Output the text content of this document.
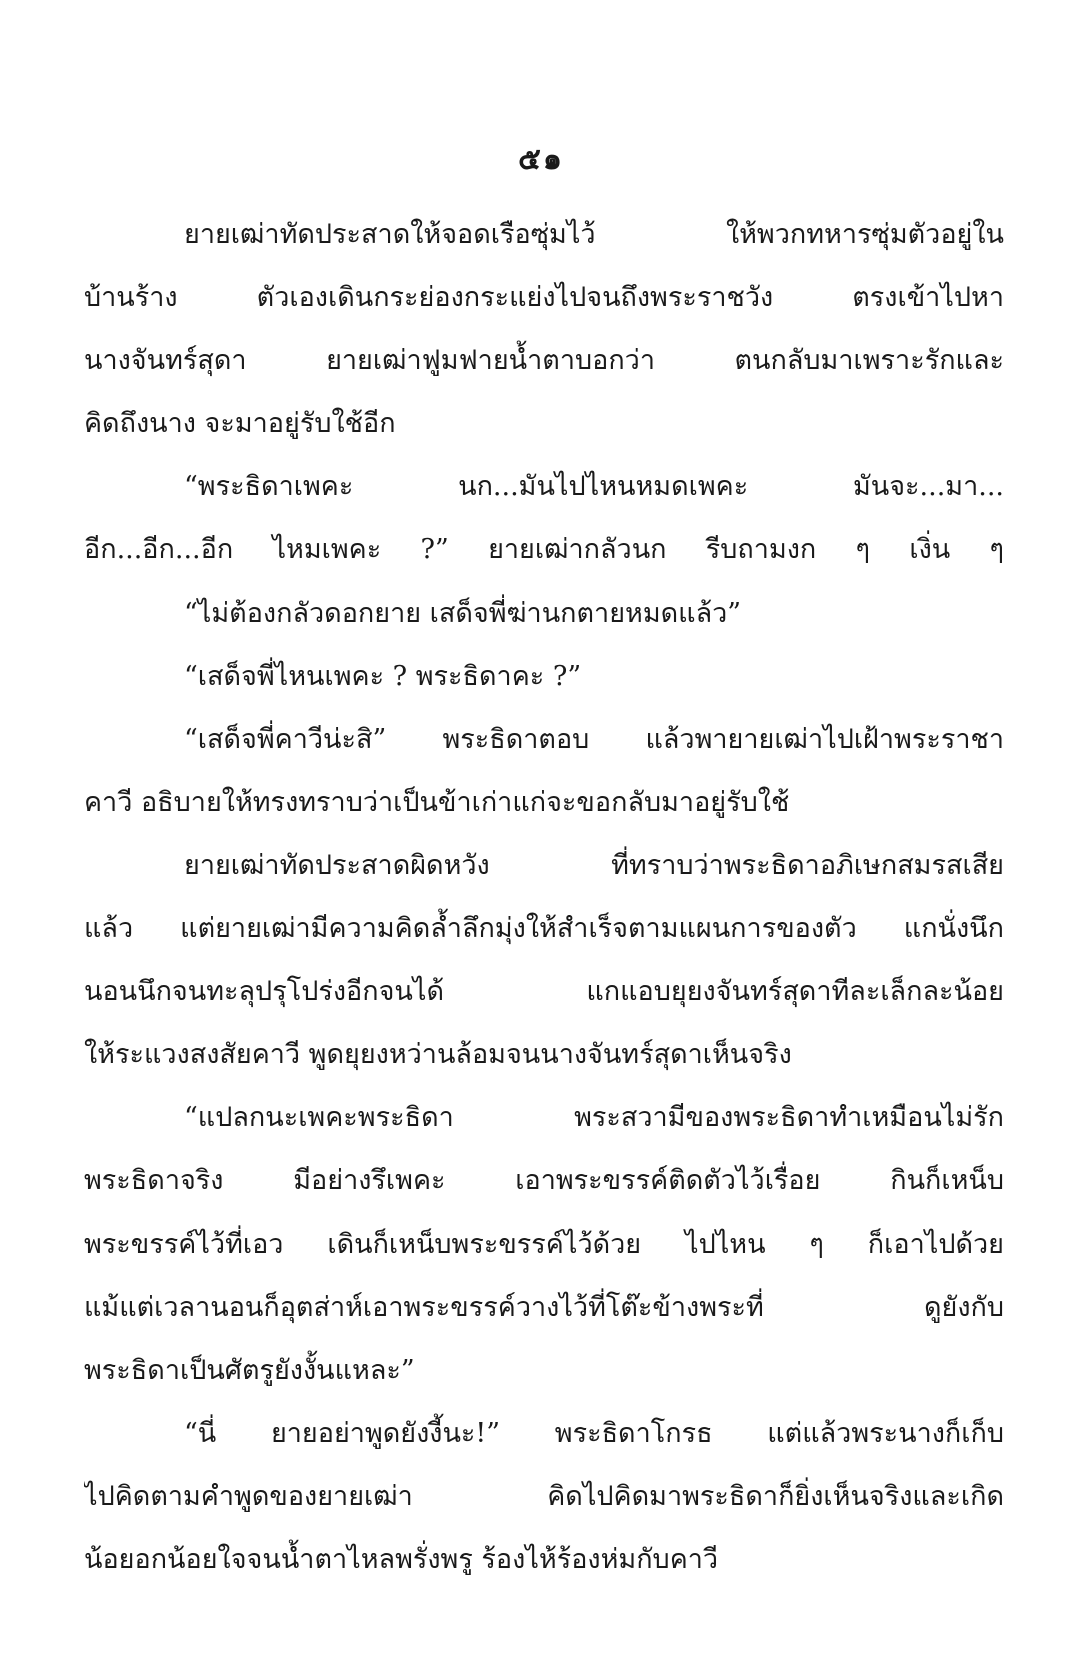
๕๑
ยายเฒ่าทัดประสาดให้จอดเรือซุ่มไว้ ให้พวกทหารซุ่มตัวอยู่ใน
บ้านร้าง ตัวเองเดินกระย่องกระแย่งไปจนถึงพระราชวัง ตรงเข้าไปหา
นางจันทร์สุดา ยายเฒ่าฟูมฟายน้ำตาบอกว่า ตนกลับมาเพราะรักและ
คิดถึงนาง จะมาอยู่รับใช้อีก
“พระธิดาเพคะ นก...มันไปไหนหมดเพคะ มันจะ...มา...
อีก...อีก...อีก ไหมเพคะ ?” ยายเฒ่ากลัวนก รีบถามงก ๆ เงิ่น ๆ
“ไม่ต้องกลัวดอกยาย เสด็จพี่ฆ่านกตายหมดแล้ว”
“เสด็จพี่ไหนเพคะ ? พระธิดาคะ ?”
“เสด็จพี่คาวีน่ะสิ” พระธิดาตอบ แล้วพายายเฒ่าไปเฝ้าพระราชา
คาวี อธิบายให้ทรงทราบว่าเป็นข้าเก่าแก่จะขอกลับมาอยู่รับใช้
ยายเฒ่าทัดประสาดผิดหวัง ที่ทราบว่าพระธิดาอภิเษกสมรสเสีย
แล้ว แต่ยายเฒ่ามีความคิดล้ำลึกมุ่งให้สำเร็จตามแผนการของตัว แกนั่งนึก
นอนนึกจนทะลุปรุโปร่งอีกจนได้ แกแอบยุยงจันทร์สุดาทีละเล็กละน้อย
ให้ระแวงสงสัยคาวี พูดยุยงหว่านล้อมจนนางจันทร์สุดาเห็นจริง
“แปลกนะเพคะพระธิดา พระสวามีของพระธิดาทำเหมือนไม่รัก
พระธิดาจริง มีอย่างรึเพคะ เอาพระขรรค์ติดตัวไว้เรื่อย กินก็เหน็บ
พระขรรค์ไว้ที่เอว เดินก็เหน็บพระขรรค์ไว้ด้วย ไปไหน ๆ ก็เอาไปด้วย
แม้แต่เวลานอนก็อุตส่าห์เอาพระขรรค์วางไว้ที่โต๊ะข้างพระที่ ดูยังกับ
พระธิดาเป็นศัตรูยังงั้นแหละ”
“นี่ ยายอย่าพูดยังงี้นะ!” พระธิดาโกรธ แต่แล้วพระนางก็เก็บ
ไปคิดตามคำพูดของยายเฒ่า คิดไปคิดมาพระธิดาก็ยิ่งเห็นจริงและเกิด
น้อยอกน้อยใจจนน้ำตาไหลพรั่งพรู ร้องไห้ร้องห่มกับคาวี
